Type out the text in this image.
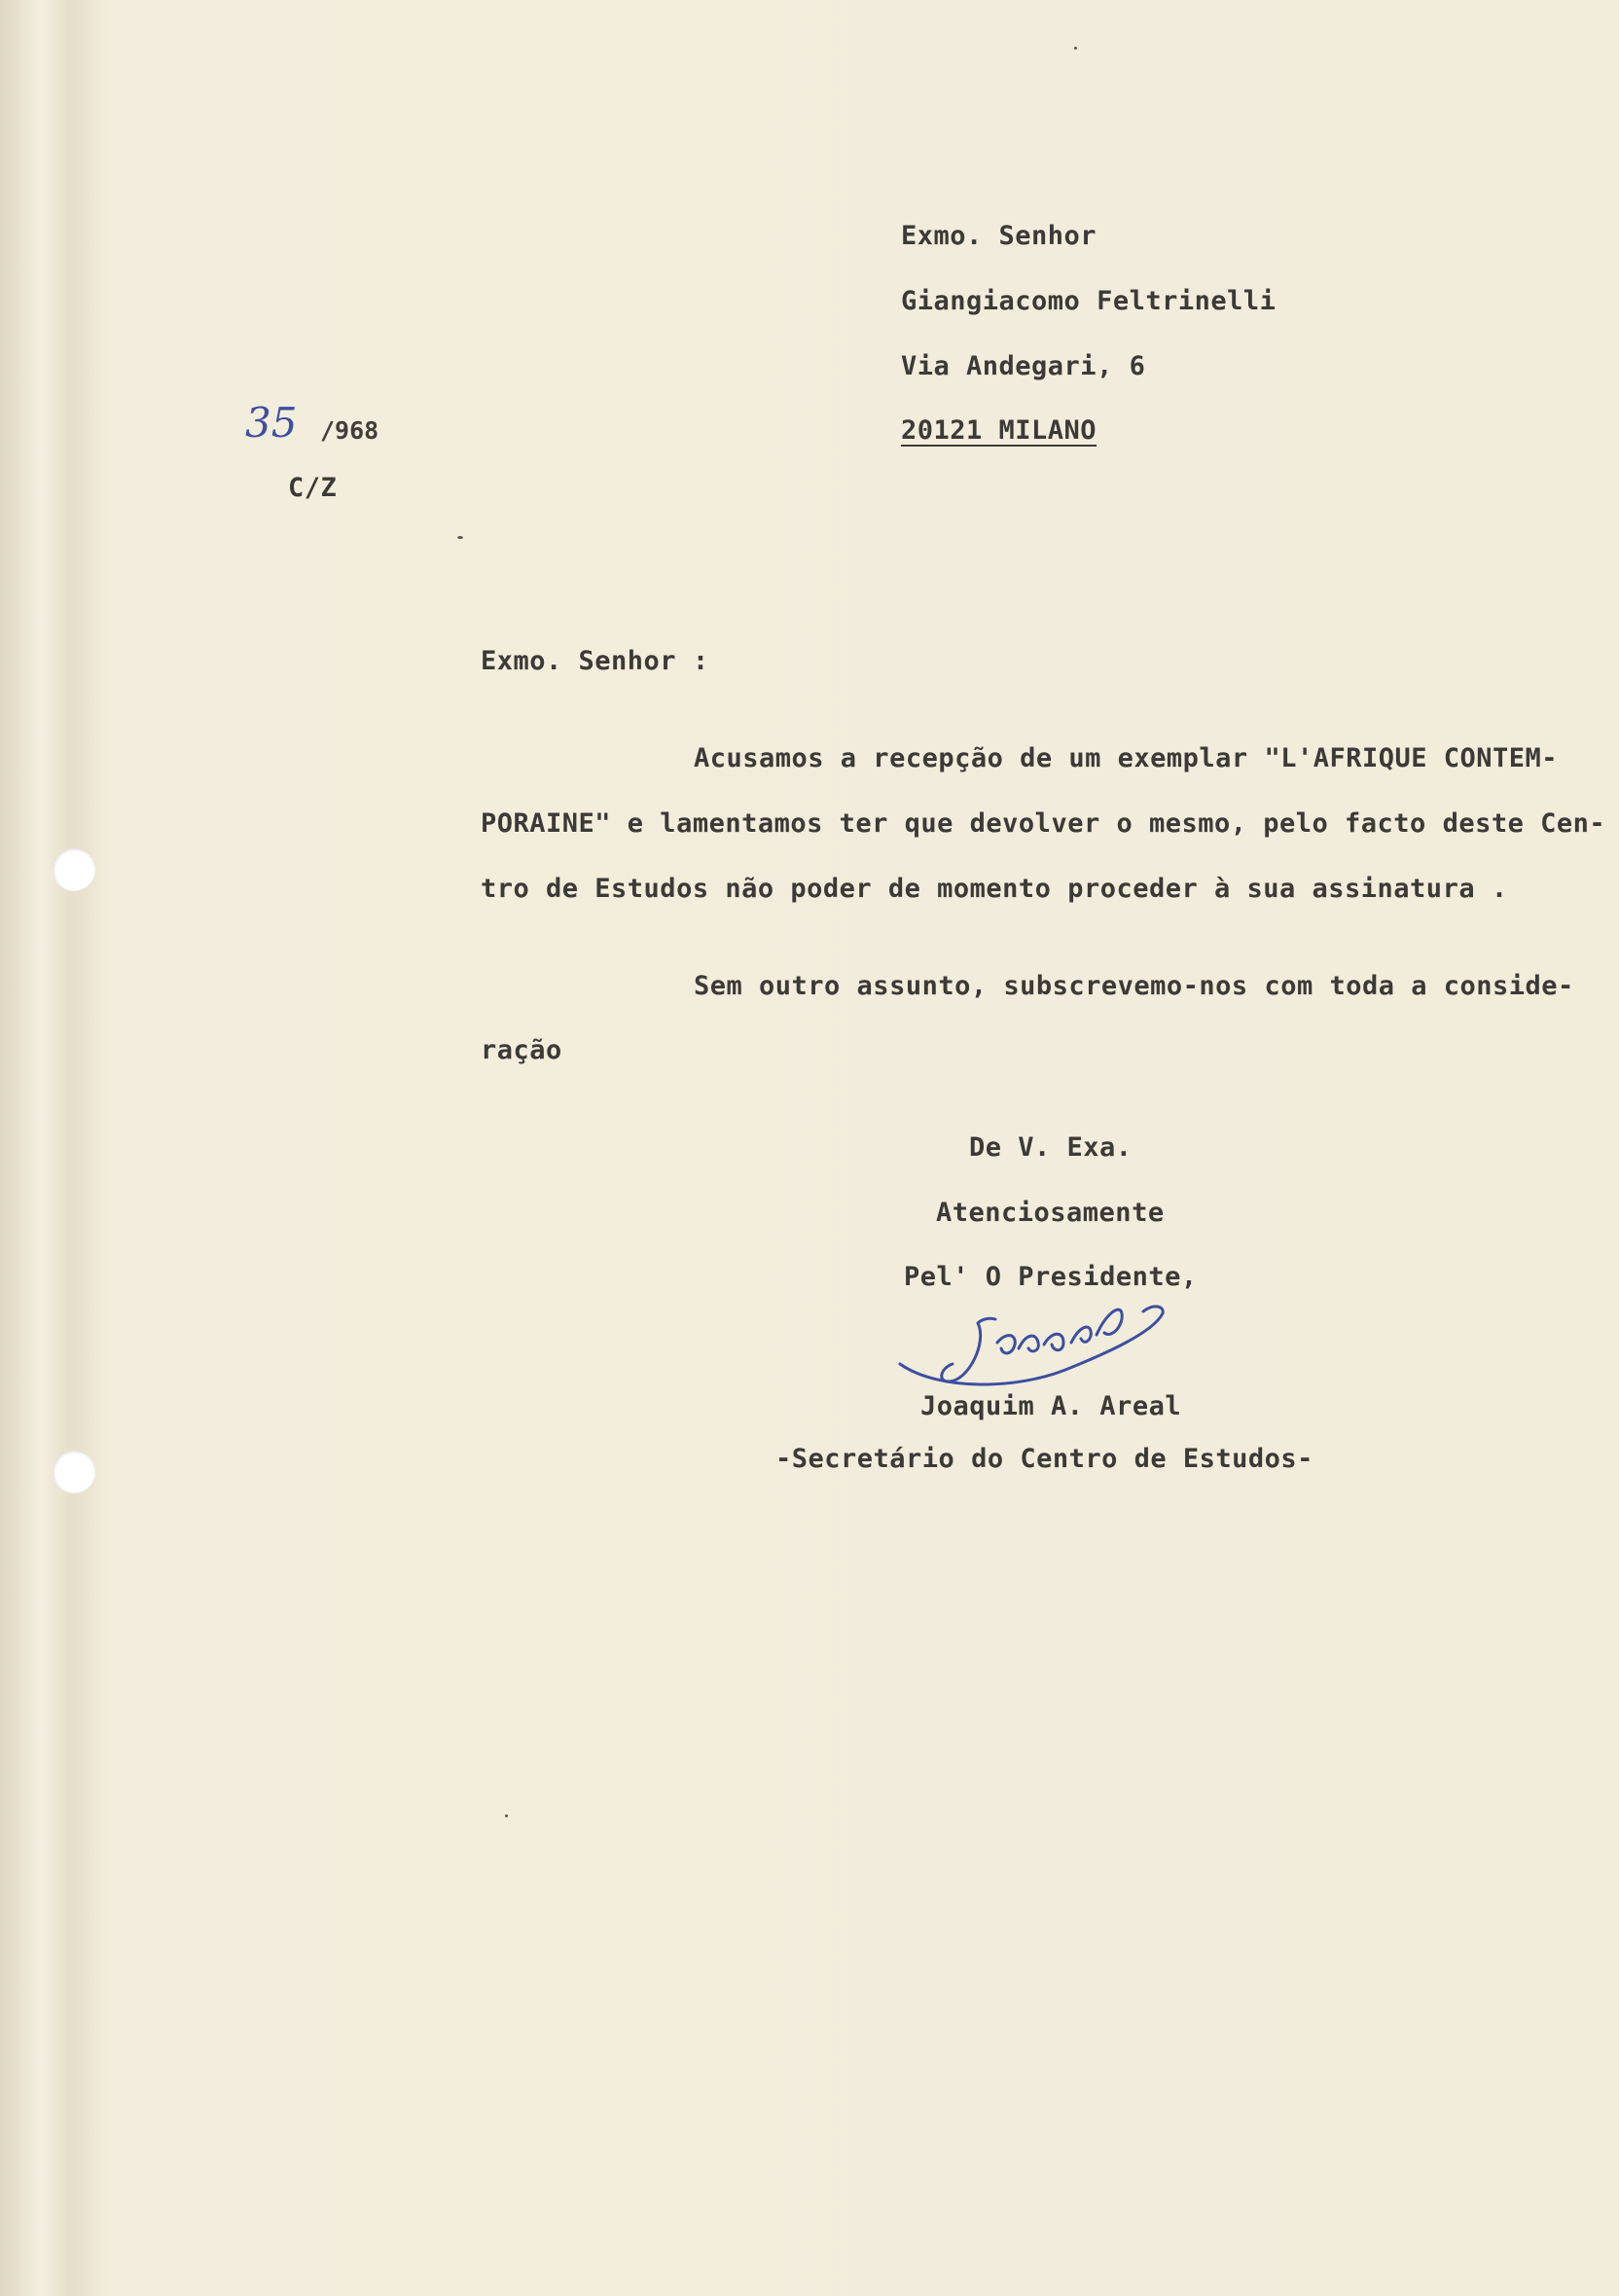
Exmo. Senhor
Giangiacomo Feltrinelli
Via Andegari, 6
20121 MILANO
35 /968
C/Z
Exmo. Senhor :
Acusamos a recepção de um exemplar "L'AFRIQUE CONTEM-
PORAINE" e lamentamos ter que devolver o mesmo, pelo facto deste Cen-
tro de Estudos não poder de momento proceder à sua assinatura .
Sem outro assunto, subscrevemo-nos com toda a conside-
ração
De V. Exa.
Atenciosamente
Pel' O Presidente,
Joaquim A. Areal
-Secretário do Centro de Estudos-
